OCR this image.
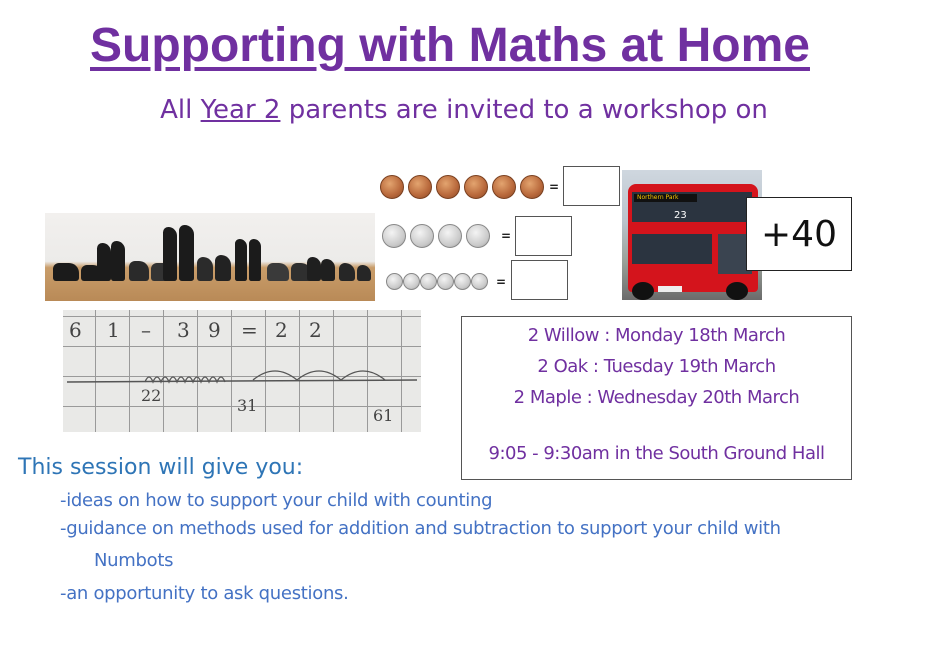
Supporting with Maths at Home
All Year 2 parents are invited to a workshop on
=
=
=
Northern Park
23	+40
6 1 – 3 9 = 2 2
22
31
61
2 Willow : Monday 18th March
2 Oak : Tuesday 19th March
2 Maple : Wednesday 20th March
9:05 - 9:30am in the South Ground Hall
This session will give you:
-ideas on how to support your child with counting
-guidance on methods used for addition and subtraction to support your child with
Numbots
-an opportunity to ask questions.
